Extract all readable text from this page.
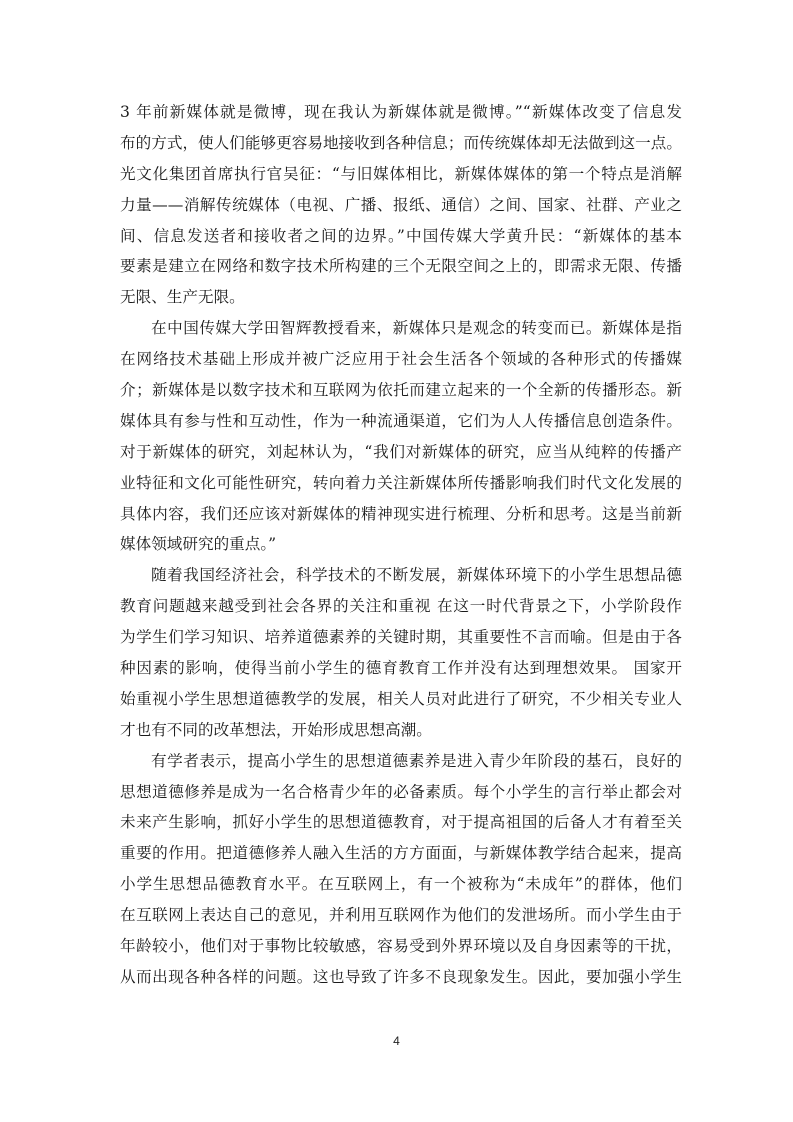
3 年前新媒体就是微博，现在我认为新媒体就是微博。”“新媒体改变了信息发
布的方式，使人们能够更容易地接收到各种信息；而传统媒体却无法做到这一点。
光文化集团首席执行官吴征：“与旧媒体相比，新媒体媒体的第一个特点是消解
力量——消解传统媒体（电视、广播、报纸、通信）之间、国家、社群、产业之
间、信息发送者和接收者之间的边界。”中国传媒大学黄升民：“新媒体的基本
要素是建立在网络和数字技术所构建的三个无限空间之上的，即需求无限、传播
无限、生产无限。

在中国传媒大学田智辉教授看来，新媒体只是观念的转变而已。新媒体是指
在网络技术基础上形成并被广泛应用于社会生活各个领域的各种形式的传播媒
介；新媒体是以数字技术和互联网为依托而建立起来的一个全新的传播形态。新
媒体具有参与性和互动性，作为一种流通渠道，它们为人人传播信息创造条件。
对于新媒体的研究，刘起林认为，“我们对新媒体的研究，应当从纯粹的传播产
业特征和文化可能性研究，转向着力关注新媒体所传播影响我们时代文化发展的
具体内容，我们还应该对新媒体的精神现实进行梳理、分析和思考。这是当前新
媒体领域研究的重点。”

随着我国经济社会，科学技术的不断发展，新媒体环境下的小学生思想品德
教育问题越来越受到社会各界的关注和重视 在这一时代背景之下，小学阶段作
为学生们学习知识、培养道德素养的关键时期，其重要性不言而喻。但是由于各
种因素的影响，使得当前小学生的德育教育工作并没有达到理想效果。 国家开
始重视小学生思想道德教学的发展，相关人员对此进行了研究，不少相关专业人
才也有不同的改革想法，开始形成思想高潮。

有学者表示，提高小学生的思想道德素养是进入青少年阶段的基石，良好的
思想道德修养是成为一名合格青少年的必备素质。每个小学生的言行举止都会对
未来产生影响，抓好小学生的思想道德教育，对于提高祖国的后备人才有着至关
重要的作用。把道德修养人融入生活的方方面面，与新媒体教学结合起来，提高
小学生思想品德教育水平。在互联网上，有一个被称为“未成年”的群体，他们
在互联网上表达自己的意见，并利用互联网作为他们的发泄场所。而小学生由于
年龄较小，他们对于事物比较敏感，容易受到外界环境以及自身因素等的干扰，
从而出现各种各样的问题。这也导致了许多不良现象发生。因此，要加强小学生

4
